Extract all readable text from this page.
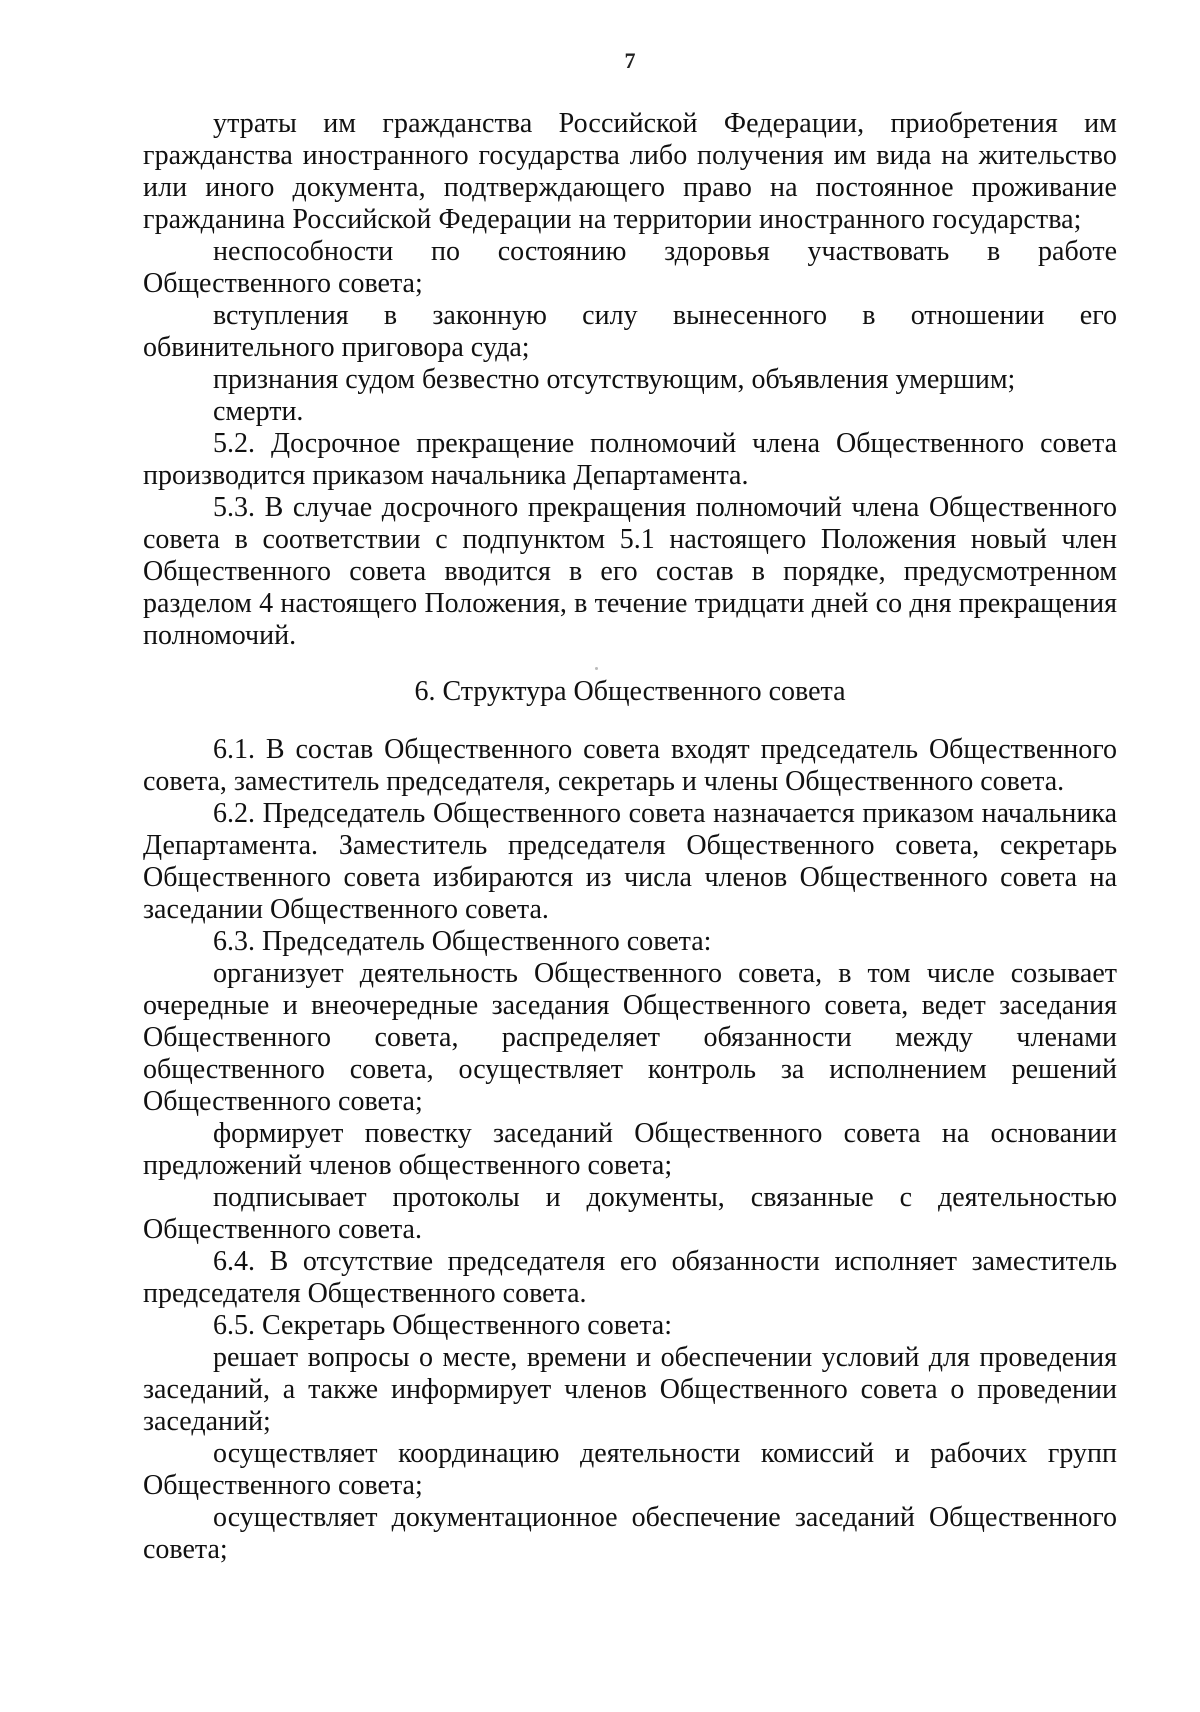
7

утраты им гражданства Российской Федерации, приобретения им гражданства иностранного государства либо получения им вида на жительство или иного документа, подтверждающего право на постоянное проживание гражданина Российской Федерации на территории иностранного государства;

неспособности по состоянию здоровья участвовать в работе Общественного совета;

вступления в законную силу вынесенного в отношении его обвинительного приговора суда;

признания судом безвестно отсутствующим, объявления умершим;

смерти.

5.2. Досрочное прекращение полномочий члена Общественного совета производится приказом начальника Департамента.

5.3. В случае досрочного прекращения полномочий члена Общественного совета в соответствии с подпунктом 5.1 настоящего Положения новый член Общественного совета вводится в его состав в порядке, предусмотренном разделом 4 настоящего Положения, в течение тридцати дней со дня прекращения полномочий.

6. Структура Общественного совета

6.1. В состав Общественного совета входят председатель Общественного совета, заместитель председателя, секретарь и члены Общественного совета.

6.2. Председатель Общественного совета назначается приказом начальника Департамента. Заместитель председателя Общественного совета, секретарь Общественного совета избираются из числа членов Общественного совета на заседании Общественного совета.

6.3. Председатель Общественного совета:

организует деятельность Общественного совета, в том числе созывает очередные и внеочередные заседания Общественного совета, ведет заседания Общественного совета, распределяет обязанности между членами общественного совета, осуществляет контроль за исполнением решений Общественного совета;

формирует повестку заседаний Общественного совета на основании предложений членов общественного совета;

подписывает протоколы и документы, связанные с деятельностью Общественного совета.

6.4. В отсутствие председателя его обязанности исполняет заместитель председателя Общественного совета.

6.5. Секретарь Общественного совета:

решает вопросы о месте, времени и обеспечении условий для проведения заседаний, а также информирует членов Общественного совета о проведении заседаний;

осуществляет координацию деятельности комиссий и рабочих групп Общественного совета;

осуществляет документационное обеспечение заседаний Общественного совета;
